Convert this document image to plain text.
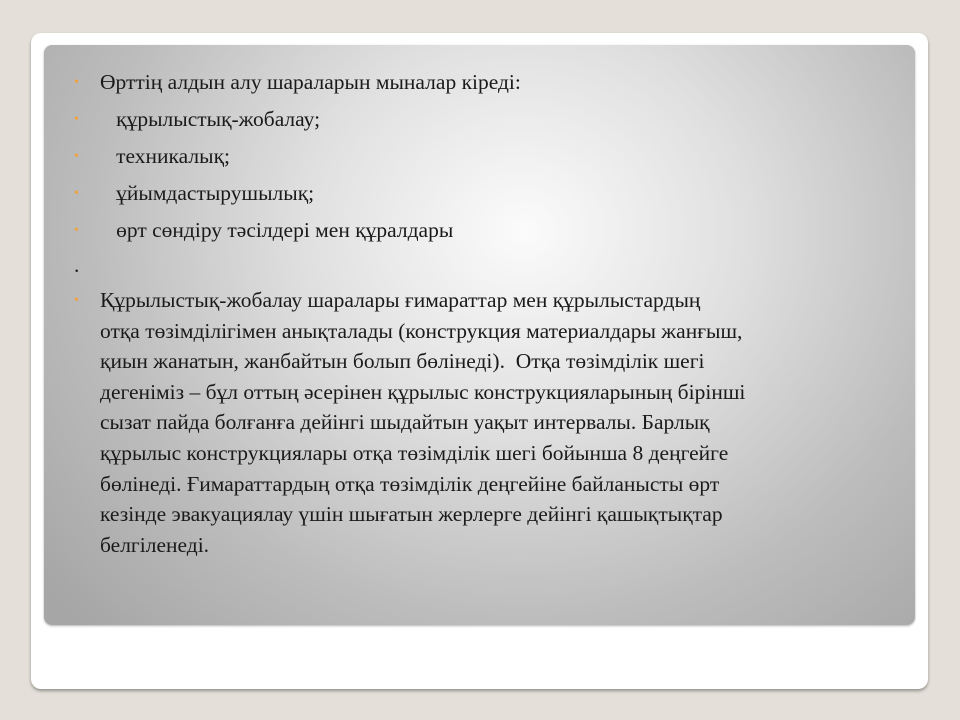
•

Өрттің алдын алу шараларын мыналар кіреді:

•

құрылыстық-жобалау;

•

техникалық;

•

ұйымдастырушылық;

•

өрт сөндіру тәсілдері мен құралдары

.
• Құрылыстық-жобалау шаралары ғимараттар мен құрылыстардың
отқа төзімділігімен анықталады (конструкция материалдары жанғыш,
қиын жанатын, жанбайтын болып бөлінеді).  Отқа төзімділік шегі
дегеніміз – бұл оттың әсерінен құрылыс конструкцияларының бірінші
сызат пайда болғанға дейінгі шыдайтын уақыт интервалы. Барлық
құрылыс конструкциялары отқа төзімділік шегі бойынша 8 деңгейге
бөлінеді. Ғимараттардың отқа төзімділік деңгейіне байланысты өрт
кезінде эвакуациялау үшін шығатын жерлерге дейінгі қашықтықтар
белгіленеді.
